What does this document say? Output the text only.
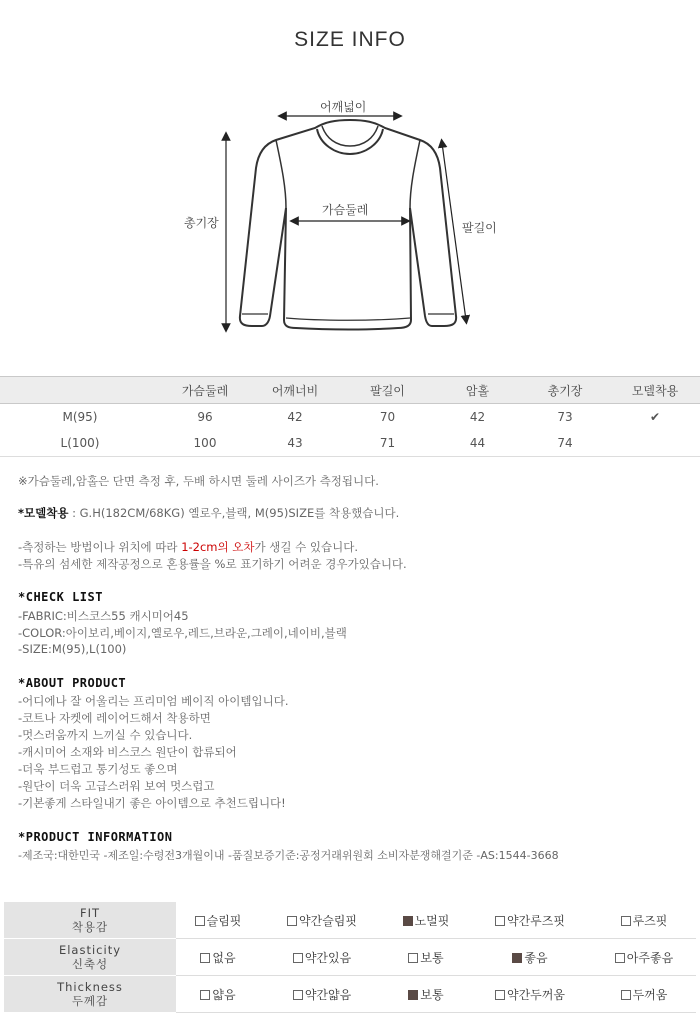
SIZE INFO
어깨넓이
가슴둘레
총기장	팔길이
	가슴둘레	어깨너비	팔길이	암홀	총기장	모델착용
M(95)	96	42	70	42	73	✔
L(100)	100	43	71	44	74	
※가슴둘레,암홀은 단면 측정 후, 두배 하시면 둘레 사이즈가 측정됩니다.
*모델착용 : G.H(182CM/68KG) 옐로우,블랙, M(95)SIZE를 착용했습니다.
-측정하는 방법이나 위치에 따라 1-2cm의 오차가 생길 수 있습니다.
-특유의 섬세한 제작공정으로 혼용률을 %로 표기하기 어려운 경우가있습니다.
*CHECK LIST
-FABRIC:비스코스55 캐시미어45
-COLOR:아이보리,베이지,옐로우,레드,브라운,그레이,네이비,블랙
-SIZE:M(95),L(100)
*ABOUT PRODUCT
-어디에나 잘 어울리는 프리미엄 베이직 아이템입니다.
-코트나 자켓에 레이어드해서 착용하면
-멋스러움까지 느끼실 수 있습니다.
-캐시미어 소재와 비스코스 원단이 합류되어
-더욱 부드럽고 통기성도 좋으며
-원단이 더욱 고급스러워 보여 멋스럽고
-기본좋게 스타일내기 좋은 아이템으로 추천드립니다!
*PRODUCT INFORMATION
-제조국:대한민국 -제조일:수령전3개월이내 -품질보증기준:공정거래위원회 소비자분쟁해결기준 -AS:1544-3668
FIT
착용감	슬림핏	약간슬림핏	노멀핏	약간루즈핏	루즈핏
Elasticity
신축성	없음	약간있음	보통	좋음	아주좋음
Thickness
두께감	얇음	약간얇음	보통	약간두꺼움	두꺼움
